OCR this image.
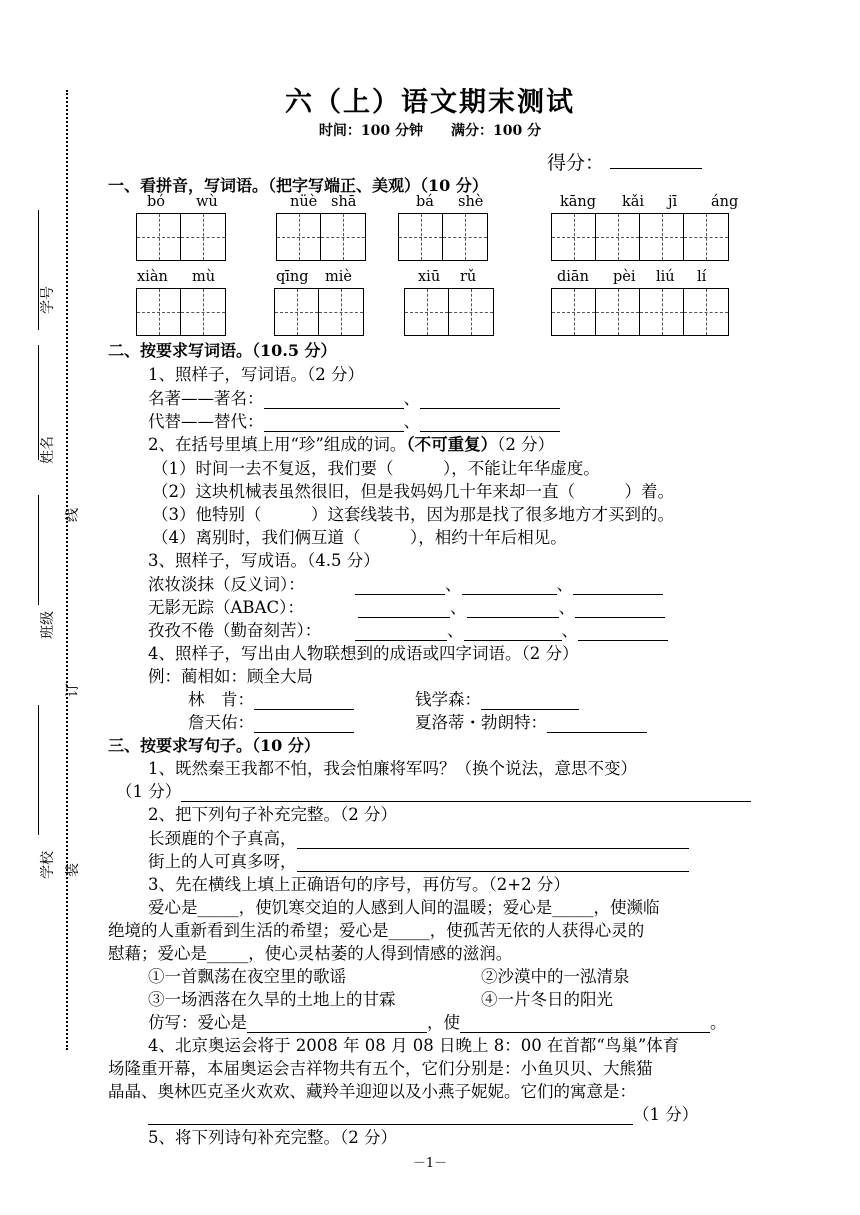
学号
姓名
线
班级
订
学校 装
六（上）语文期末测试
时间：100 分钟　　满分：100 分
得分：
一、看拼音，写词语。（把字写端正、美观）（10 分）
bó wù	nüè shā	bá shè	kāng kǎi jī áng
xiàn mù	qīng miè	xiū rǔ	diān pèi liú lí
二、按要求写词语。（10.5 分）
1、照样子，写词语。（2 分）
名著——著名：	、
代替——替代：	、
2、在括号里填上用“珍”组成的词。（不可重复）（2 分）
（1）时间一去不复返，我们要（　　　），不能让年华虚度。
（2）这块机械表虽然很旧，但是我妈妈几十年来却一直（　　　）着。
（3）他特别（　　　）这套线装书，因为那是找了很多地方才买到的。
（4）离别时，我们俩互道（　　　），相约十年后相见。
3、照样子，写成语。（4.5 分）
浓妆淡抹（反义词）：	、	、
无影无踪（ABAC）：	、	、
孜孜不倦（勤奋刻苦）：	、	、
4、照样子，写出由人物联想到的成语或四字词语。（2 分）
例：蔺相如：顾全大局
林　肯：	钱学森：
詹天佑：	夏洛蒂・勃朗特：
三、按要求写句子。（10 分）
1、既然秦王我都不怕，我会怕廉将军吗？（换个说法，意思不变）
（1 分）
2、把下列句子补充完整。（2 分）
长颈鹿的个子真高，
街上的人可真多呀，
3、先在横线上填上正确语句的序号，再仿写。（2+2 分）
爱心是_____，使饥寒交迫的人感到人间的温暖；爱心是_____，使濒临
绝境的人重新看到生活的希望；爱心是_____，使孤苦无依的人获得心灵的
慰藉；爱心是_____，使心灵枯萎的人得到情感的滋润。
①一首飘荡在夜空里的歌谣	②沙漠中的一泓清泉
③一场洒落在久旱的土地上的甘霖	④一片冬日的阳光
仿写：爱心是	，使	。
4、北京奥运会将于 2008 年 08 月 08 日晚上 8：00 在首都“鸟巢”体育
场隆重开幕，本届奥运会吉祥物共有五个，它们分别是：小鱼贝贝、大熊猫
晶晶、奥林匹克圣火欢欢、藏羚羊迎迎以及小燕子妮妮。它们的寓意是：
（1 分）
5、将下列诗句补充完整。（2 分）
－1－
